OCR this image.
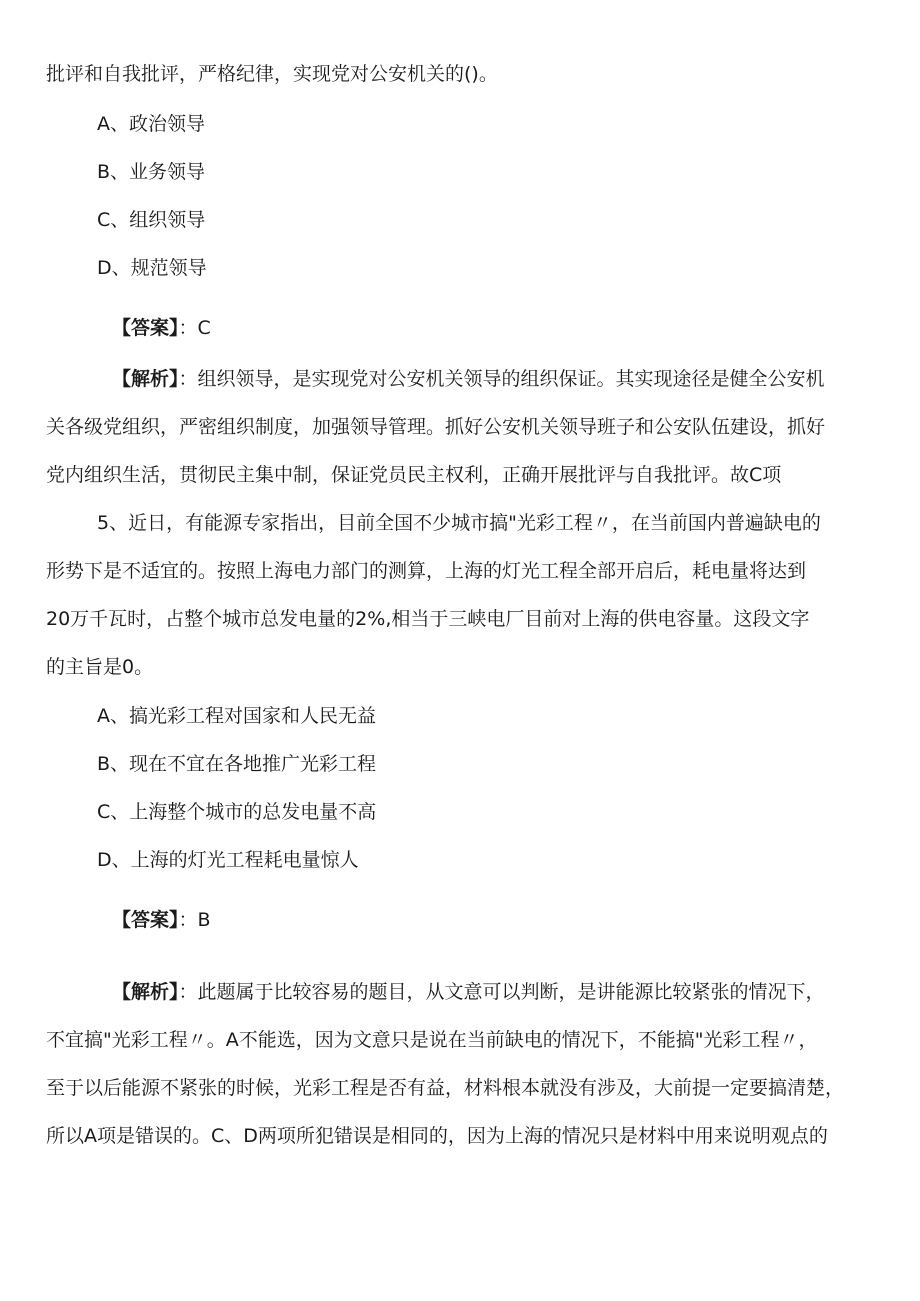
批评和自我批评，严格纪律，实现党对公安机关的()。
A、政治领导
B、业务领导
C、组织领导
D、规范领导
【答案】：C
【解析】：组织领导，是实现党对公安机关领导的组织保证。其实现途径是健全公安机
关各级党组织，严密组织制度，加强领导管理。抓好公安机关领导班子和公安队伍建设，抓好
党内组织生活，贯彻民主集中制，保证党员民主权利，正确开展批评与自我批评。故C项
5、近日，有能源专家指出，目前全国不少城市搞"光彩工程〃，在当前国内普遍缺电的
形势下是不适宜的。按照上海电力部门的测算，上海的灯光工程全部开启后，耗电量将达到
20万千瓦时，占整个城市总发电量的2%,相当于三峡电厂目前对上海的供电容量。这段文字
的主旨是0。
A、搞光彩工程对国家和人民无益
B、现在不宜在各地推广光彩工程
C、上海整个城市的总发电量不高
D、上海的灯光工程耗电量惊人
【答案】：B
【解析】：此题属于比较容易的题目，从文意可以判断，是讲能源比较紧张的情况下，
不宜搞"光彩工程〃。A不能选，因为文意只是说在当前缺电的情况下，不能搞"光彩工程〃，
至于以后能源不紧张的时候，光彩工程是否有益，材料根本就没有涉及，大前提一定要搞清楚，
所以A项是错误的。C、D两项所犯错误是相同的，因为上海的情况只是材料中用来说明观点的
